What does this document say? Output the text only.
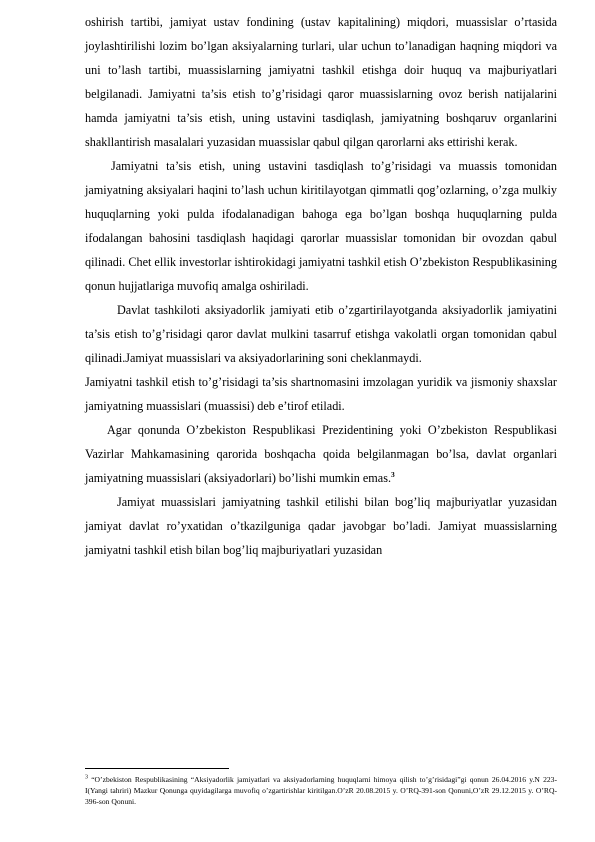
oshirish tartibi, jamiyat ustav fondining (ustav kapitalining) miqdori, muassislar o’rtasida joylashtirilishi lozim bo’lgan aksiyalarning turlari, ular uchun to’lanadigan haqning miqdori va uni to’lash tartibi, muassislarning jamiyatni tashkil etishga doir huquq va majburiyatlari belgilanadi. Jamiyatni ta’sis etish to’g’risidagi qaror muassislarning ovoz berish natijalarini hamda jamiyatni ta’sis etish, uning ustavini tasdiqlash, jamiyatning boshqaruv organlarini shakllantirish masalalari yuzasidan muassislar qabul qilgan qarorlarni aks ettirishi kerak.

Jamiyatni ta’sis etish, uning ustavini tasdiqlash to’g’risidagi va muassis tomonidan jamiyatning aksiyalari haqini to’lash uchun kiritilayotgan qimmatli qog’ozlarning, o’zga mulkiy huquqlarning yoki pulda ifodalanadigan bahoga ega bo’lgan boshqa huquqlarning pulda ifodalangan bahosini tasdiqlash haqidagi qarorlar muassislar tomonidan bir ovozdan qabul qilinadi. Chet ellik investorlar ishtirokidagi jamiyatni tashkil etish O’zbekiston Respublikasining qonun hujjatlariga muvofiq amalga oshiriladi.

Davlat tashkiloti aksiyadorlik jamiyati etib o’zgartirilayotganda aksiyadorlik jamiyatini ta’sis etish to’g’risidagi qaror davlat mulkini tasarruf etishga vakolatli organ tomonidan qabul qilinadi.Jamiyat muassislari va aksiyadorlarining soni cheklanmaydi.

Jamiyatni tashkil etish to’g’risidagi ta’sis shartnomasini imzolagan yuridik va jismoniy shaxslar jamiyatning muassislari (muassisi) deb e’tirof etiladi.

Agar qonunda O’zbekiston Respublikasi Prezidentining yoki O’zbekiston Respublikasi Vazirlar Mahkamasining qarorida boshqacha qoida belgilanmagan bo’lsa, davlat organlari jamiyatning muassislari (aksiyadorlari) bo’lishi mumkin emas.$^3$

Jamiyat muassislari jamiyatning tashkil etilishi bilan bog’liq majburiyatlar yuzasidan jamiyat davlat ro’yxatidan o’tkazilguniga qadar javobgar bo’ladi. Jamiyat muassislarning jamiyatni tashkil etish bilan bog’liq majburiyatlari yuzasidan

$^3$ “O’zbekiston Respublikasining “Aksiyadorlik jamiyatlari va aksiyadorlarning huquqlarni himoya qilish to’g’risidagi”gi qonun 26.04.2016 y.N 223-I(Yangi tahriri) Mazkur Qonunga quyidagilarga muvofiq o’zgartirishlar kiritilgan.O’zR 20.08.2015 y. O’RQ-391-son Qonuni,O’zR 29.12.2015 y. O’RQ-396-son Qonuni.
